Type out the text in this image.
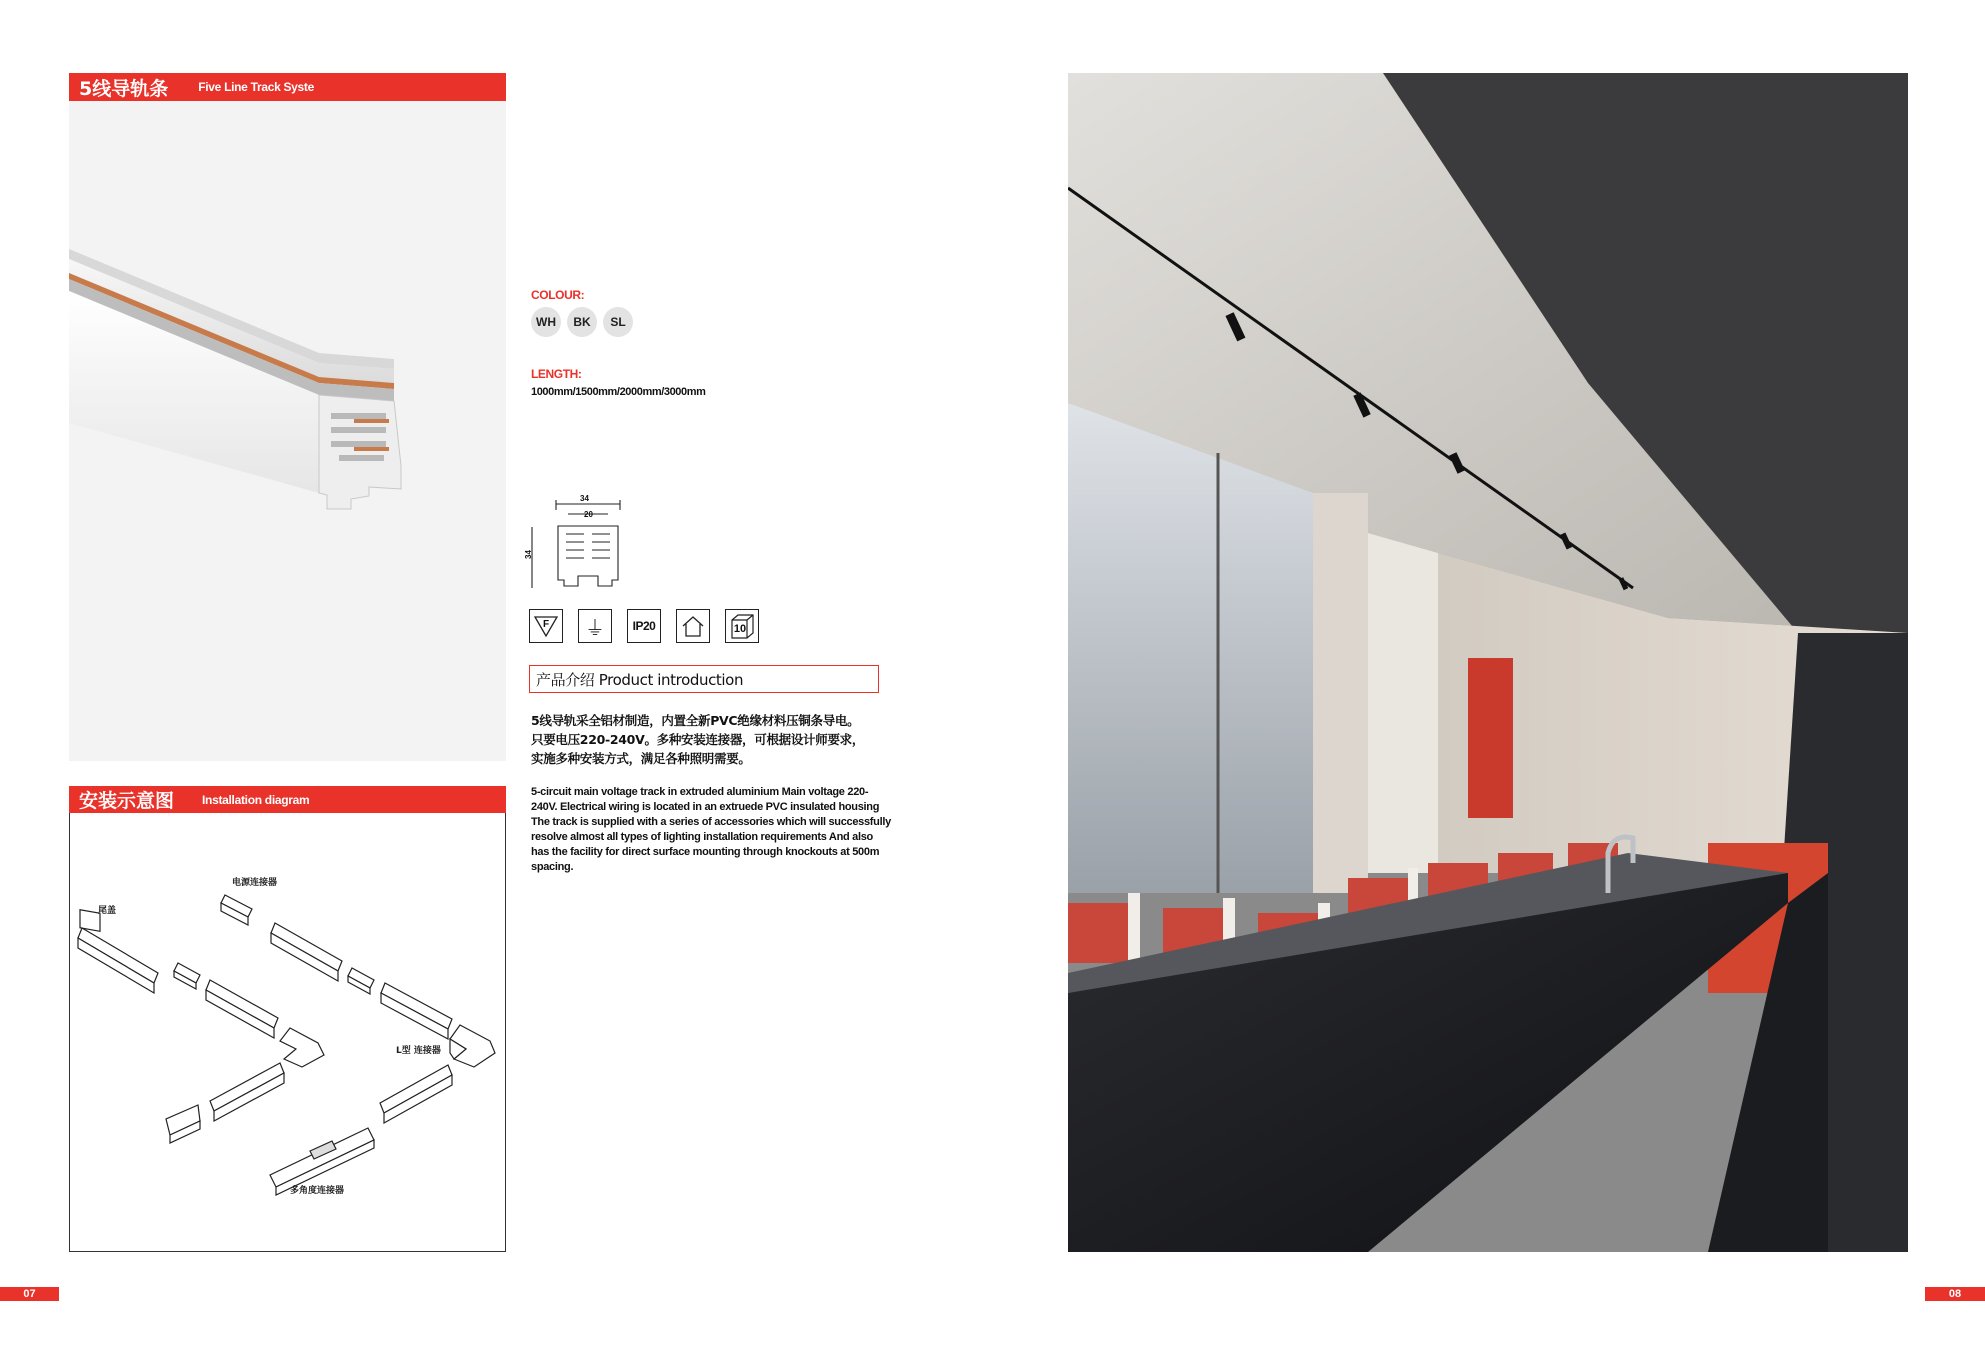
5线导轨条	Five Line Track Syste
安装示意图 Installation diagram
尾盖
电源连接器
L型 连接器
多角度连接器
COLOUR:
WH	BK	SL
LENGTH:
1000mm/1500mm/2000mm/3000mm
34
20
34
F	⏚	IP20	10
产品介绍 Product introduction
5线导轨采全铝材制造，内置全新PVC绝缘材料压铜条导电。
只要电压220-240V。多种安装连接器，可根据设计师要求，
实施多种安装方式，满足各种照明需要。
5-circuit main voltage track in extruded aluminium Main voltage 220-
240V. Electrical wiring is located in an extruede PVC insulated housing
The track is supplied with a series of accessories which will successfully
resolve almost all types of lighting installation requirements And also
has the facility for direct surface mounting through knockouts at 500m
spacing.
07	08
